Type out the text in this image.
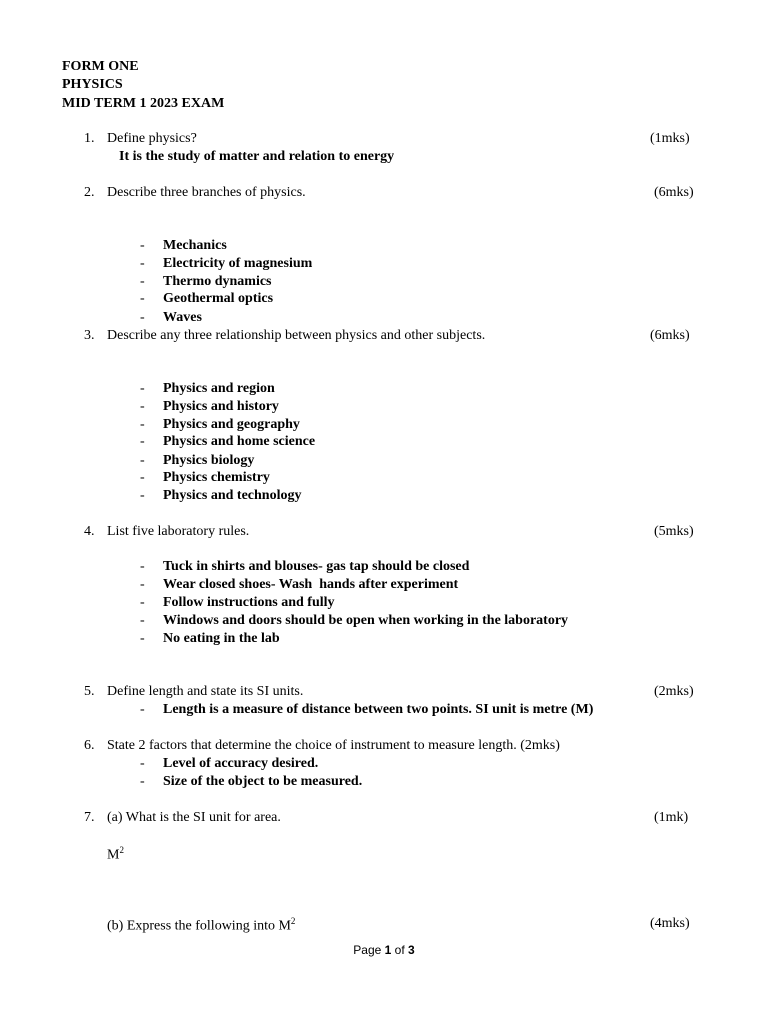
FORM ONE
PHYSICS
MID TERM 1 2023 EXAM
1. Define physics?	(1mks)
It is the study of matter and relation to energy
2. Describe three branches of physics.	(6mks)
- Mechanics
- Electricity of magnesium
- Thermo dynamics
- Geothermal optics
- Waves
3. Describe any three relationship between physics and other subjects.	(6mks)
- Physics and region
- Physics and history
- Physics and geography
- Physics and home science
- Physics biology
- Physics chemistry
- Physics and technology
4. List five laboratory rules.	(5mks)
- Tuck in shirts and blouses- gas tap should be closed
- Wear closed shoes- Wash  hands after experiment
- Follow instructions and fully
- Windows and doors should be open when working in the laboratory
- No eating in the lab
5. Define length and state its SI units.	(2mks)
- Length is a measure of distance between two points. SI unit is metre (M)
6. State 2 factors that determine the choice of instrument to measure length. (2mks)
- Level of accuracy desired.
- Size of the object to be measured.
7. (a) What is the SI unit for area.	(1mk)
$M^2$
(b) Express the following into $M^2$	(4mks)
Page 1 of 3
